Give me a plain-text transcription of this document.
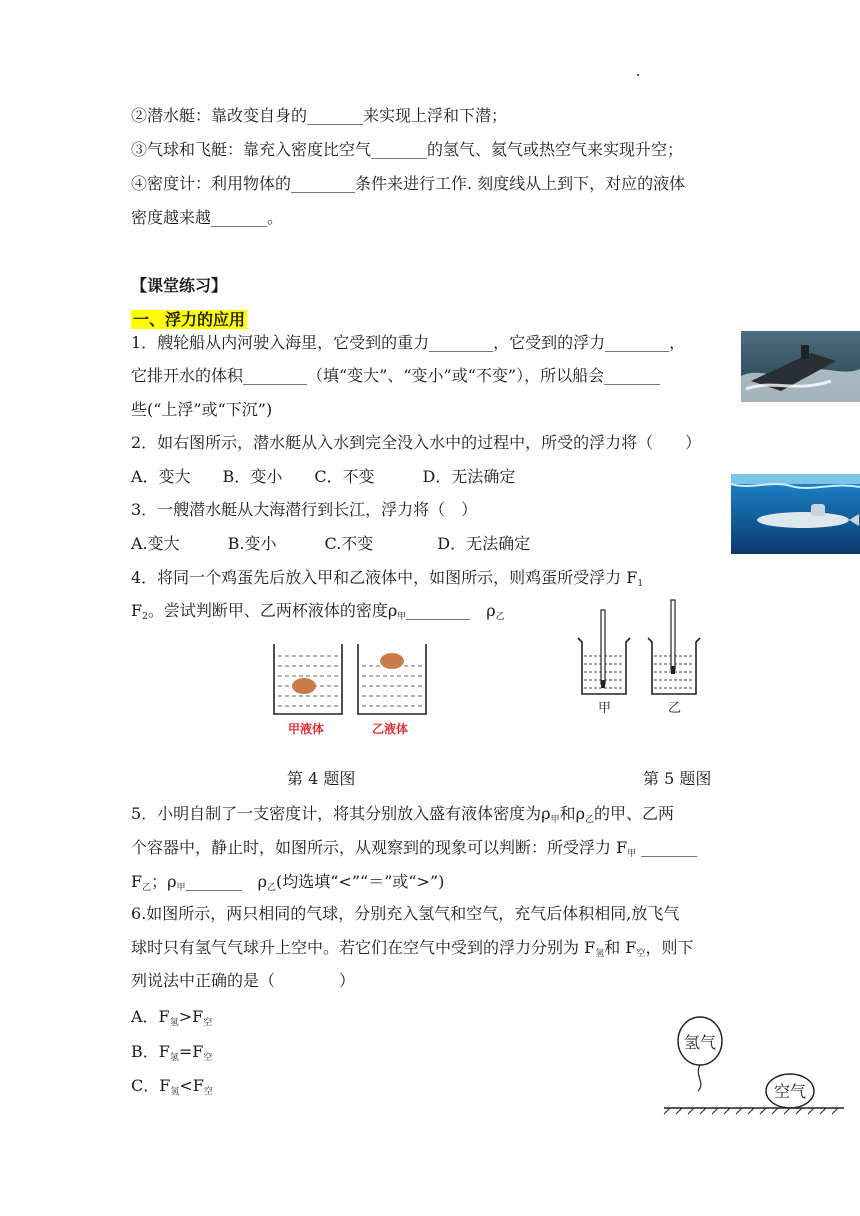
②潜水艇：靠改变自身的_______来实现上浮和下潜；
③气球和飞艇：靠充入密度比空气_______的氢气、氦气或热空气来实现升空；
④密度计：利用物体的________条件来进行工作. 刻度线从上到下，对应的液体
密度越来越_______。
【课堂练习】
一、浮力的应用
1．艘轮船从内河驶入海里，它受到的重力________，它受到的浮力________，
它排开水的体积________（填“变大”、“变小”或“不变”），所以船会_______
些(“上浮”或“下沉”)
2．如右图所示，潜水艇从入水到完全没入水中的过程中，所受的浮力将（　　）
A．变大　　B．变小　　C．不变　　　D．无法确定
3．一艘潜水艇从大海潜行到长江，浮力将（　）
A.变大　　　B.变小　　　C.不变　　　　D．无法确定
4．将同一个鸡蛋先后放入甲和乙液体中，如图所示，则鸡蛋所受浮力 $F_1$
$F_2$。尝试判断甲、乙两杯液体的密度$\rho_甲\_\_\_\_\_\_\_\_$　$\rho_乙$
甲液体	乙液体
甲	乙
第 4 题图	第 5 题图
5．小明自制了一支密度计，将其分别放入盛有液体密度为$\rho_甲$和$\rho_乙$的甲、乙两
个容器中，静止时，如图所示，从观察到的现象可以判断：所受浮力 $F_甲$ _______
$F_乙$；$\rho_甲\_\_\_\_\_\_\_$　$\rho_乙$(均选填“<”“＝”或“>”)
6.如图所示，两只相同的气球，分别充入氢气和空气，充气后体积相同,放飞气
球时只有氢气气球升上空中。若它们在空气中受到的浮力分别为 $F_氢$和 $F_空$，则下
列说法中正确的是（　　　　）
A．$F_氢>F_空$
B．$F_氢=F_空$
C．$F_氢<F_空$
氢气
空气
